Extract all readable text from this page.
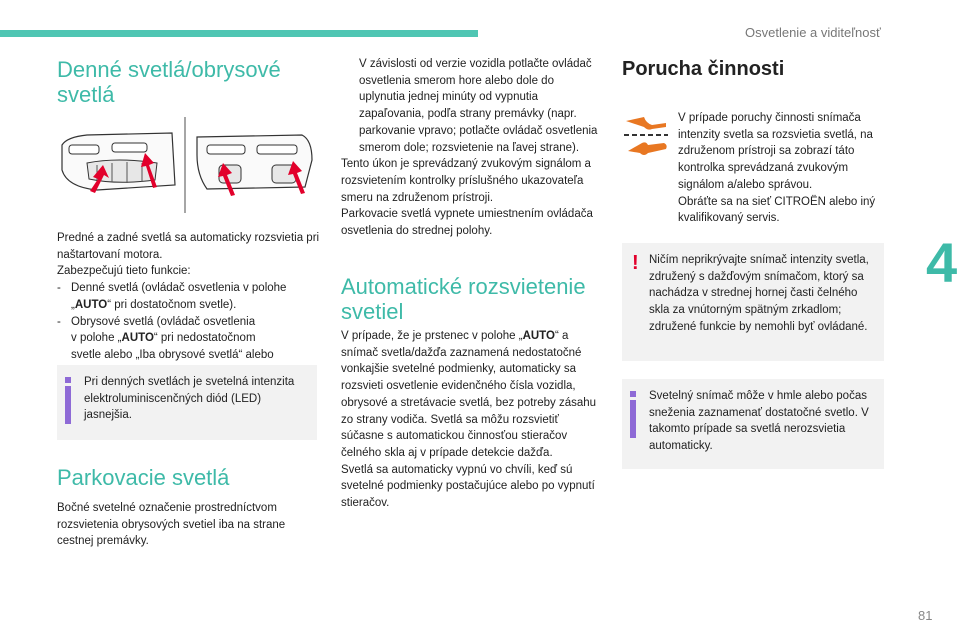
Osvetlenie a viditeľnosť
4
81
Denné svetlá/obrysové
svetlá

Predné a zadné svetlá sa automaticky rozsvietia pri naštartovaní motora.

Zabezpečujú tieto funkcie:

- Denné svetlá (ovládač osvetlenia v polohe
„AUTO“ pri dostatočnom svetle).
- Obrysové svetlá (ovládač osvetlenia
v polohe „AUTO“ pri nedostatočnom
svetle alebo „Iba obrysové svetlá“ alebo

Pri denných svetlách je svetelná intenzita elektroluminiscenčných diód (LED) jasnejšia.
Parkovacie svetlá
Bočné svetelné označenie prostredníctvom rozsvietenia obrysových svetiel iba na strane cestnej premávky.
V závislosti od verzie vozidla potlačte ovládač osvetlenia smerom hore alebo dole do uplynutia jednej minúty od vypnutia zapaľovania, podľa strany premávky (napr. parkovanie vpravo; potlačte ovládač osvetlenia smerom dole; rozsvietenie na ľavej strane).

Tento úkon je sprevádzaný zvukovým signálom a rozsvietením kontrolky príslušného ukazovateľa smeru na združenom prístroji.

Parkovacie svetlá vypnete umiestnením ovládača osvetlenia do strednej polohy.

Automatické rozsvietenie
svetiel

V prípade, že je prstenec v polohe „AUTO“ a snímač svetla/dažďa zaznamená nedostatočné vonkajšie svetelné podmienky, automaticky sa rozsvieti osvetlenie evidenčného čísla vozidla, obrysové a stretávacie svetlá, bez potreby zásahu zo strany vodiča. Svetlá sa môžu rozsvietiť súčasne s automatickou činnosťou stieračov čelného skla aj v prípade detekcie dažďa.

Svetlá sa automaticky vypnú vo chvíli, keď sú svetelné podmienky postačujúce alebo po vypnutí stieračov.

Porucha činnosti

V prípade poruchy činnosti snímača intenzity svetla sa rozsvietia svetlá, na združenom prístroji sa zobrazí táto kontrolka sprevádzaná zvukovým signálom a/alebo správou.

Obráťte sa na sieť CITROËN alebo iný kvalifikovaný servis.

! Ničím neprikrývajte snímač intenzity svetla, združený s dažďovým snímačom, ktorý sa nachádza v strednej hornej časti čelného skla za vnútorným spätným zrkadlom; združené funkcie by nemohli byť ovládané.
Svetelný snímač môže v hmle alebo počas sneženia zaznamenať dostatočné svetlo. V takomto prípade sa svetlá nerozsvietia automaticky.
